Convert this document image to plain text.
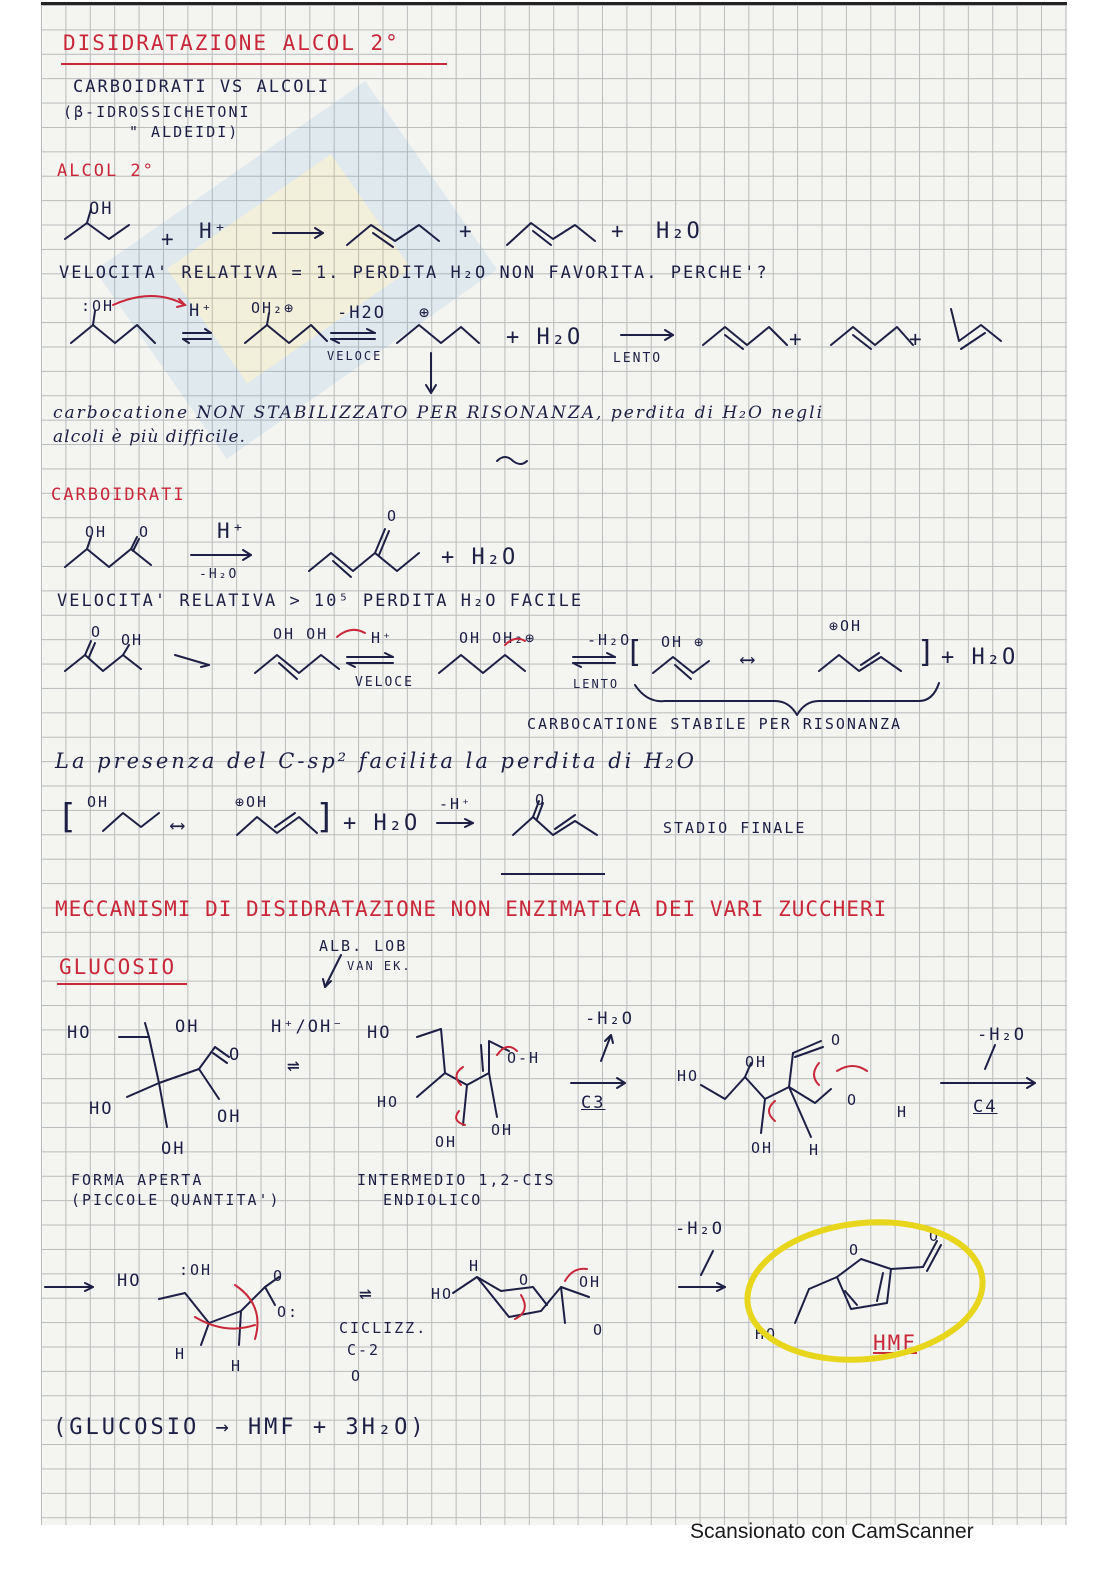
DISIDRATAZIONE ALCOL 2°
CARBOIDRATI VS ALCOLI
(β-IDROSSICHETONI
" ALDEIDI)
ALCOL 2°
OH
+ H⁺	+	+ H₂O
VELOCITA' RELATIVA = 1. PERDITA H₂O NON FAVORITA. PERCHE'?
:OH	H⁺	OH₂⊕ -H2O ⊕
VELOCE
+ H₂O
LENTO
+	+
carbocatione NON STABILIZZATO PER RISONANZA, perdita di H₂O negli
alcoli è più difficile.
CARBOIDRATI
OH O	H⁺
-H₂O
O
+ H₂O
VELOCITA' RELATIVA > 10⁵ PERDITA H₂O FACILE
O OH	OH OH	H⁺
VELOCE
OH OH₂⊕	-H₂O
LENTO
[ OH ⊕
⟷
⊕OH
] + H₂O
CARBOCATIONE STABILE PER RISONANZA
La presenza del C-sp² facilita la perdita di H₂O
[ OH
⟷
⊕OH ] + H₂O
-H⁺	O
STADIO FINALE
MECCANISMI DI DISIDRATAZIONE NON ENZIMATICA DEI VARI ZUCCHERI
GLUCOSIO
ALB. LOB
VAN EK.
HO	OH
O
HO	OH
OH
⇌
H⁺/OH⁻ HO
O-H
HO
OH
OH
-H₂O
C3
HO
OH
O
O
H
OH H
-H₂O
C4
FORMA APERTA
(PICCOLE QUANTITA')
INTERMEDIO 1,2-CIS
ENDIOLICO
HO
:OH	O
O:
H
H
⇌
CICLIZZ.
C-2
O
H
HO
OH
O
O
-H₂O
O
O
HO	HMF
(GLUCOSIO → HMF + 3H₂O)
Scansionato con CamScanner
